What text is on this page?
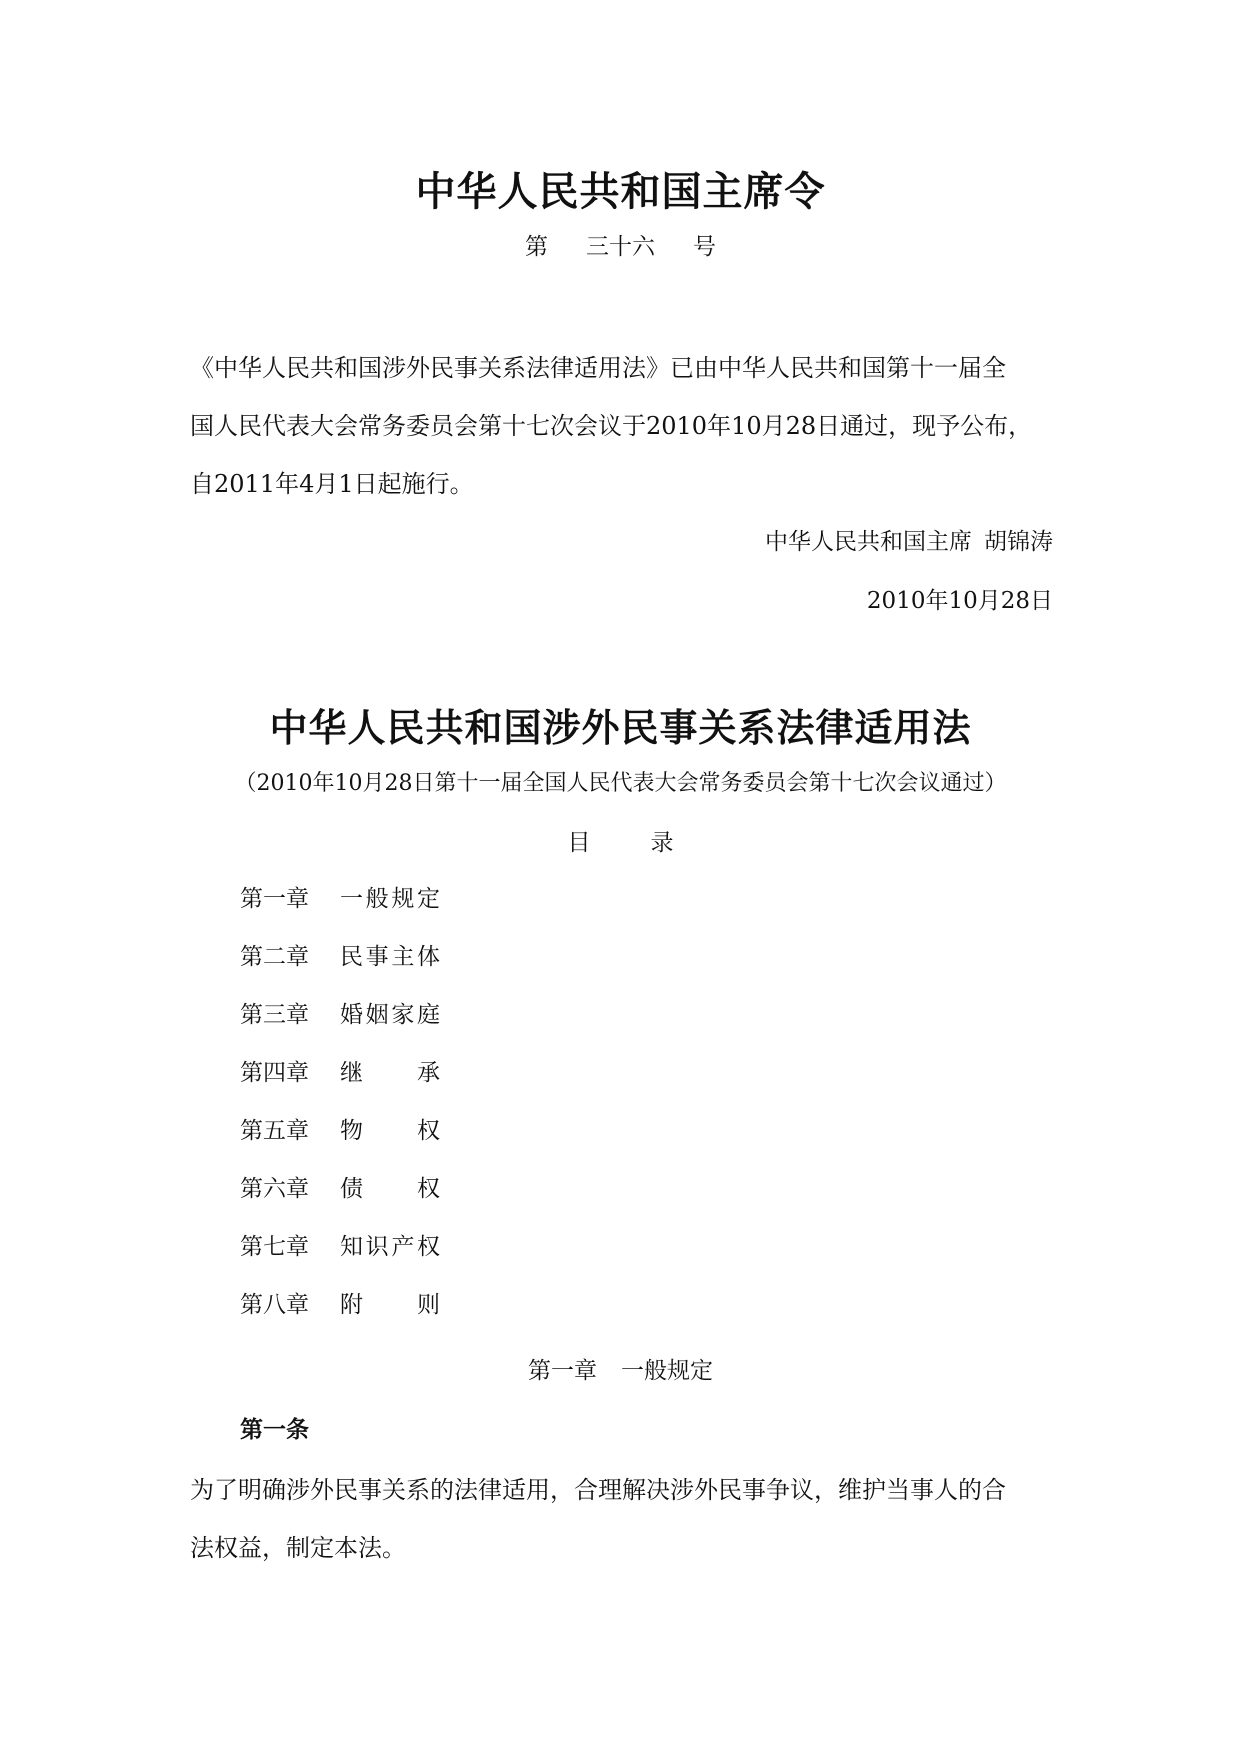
中华人民共和国主席令
第 三十六 号
《中华人民共和国涉外民事关系法律适用法》已由中华人民共和国第十一届全
国人民代表大会常务委员会第十七次会议于2010年10月28日通过，现予公布，
自2011年4月1日起施行。
中华人民共和国主席 胡锦涛
2010年10月28日
中华人民共和国涉外民事关系法律适用法
（2010年10月28日第十一届全国人民代表大会常务委员会第十七次会议通过）
目	录
第一章 一般规定
第二章 民事主体
第三章 婚姻家庭
第四章 继　承
第五章 物　权
第六章 债　权
第七章 知识产权
第八章 附　则
第一章 一般规定
第一条
为了明确涉外民事关系的法律适用，合理解决涉外民事争议，维护当事人的合
法权益，制定本法。
